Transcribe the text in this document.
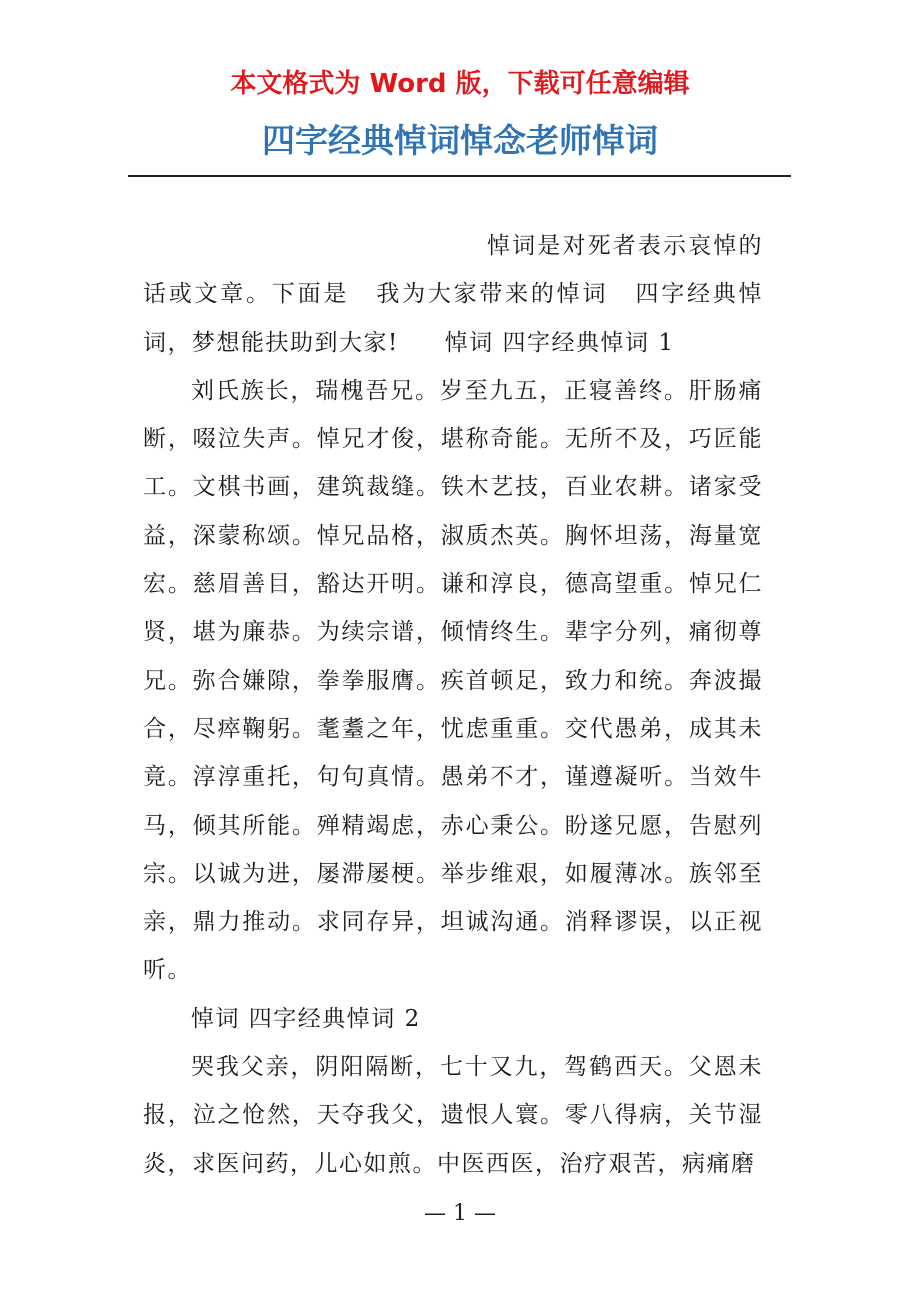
本文格式为 Word 版，下载可任意编辑
四字经典悼词悼念老师悼词

悼词是对死者表示哀悼的话或文章。下面是 我为大家带来的悼词 四字经典悼词，梦想能扶助到大家! 悼词 四字经典悼词 1

刘氏族长，瑞槐吾兄。岁至九五，正寝善终。肝肠痛断，啜泣失声。悼兄才俊，堪称奇能。无所不及，巧匠能工。文棋书画，建筑裁缝。铁木艺技，百业农耕。诸家受益，深蒙称颂。悼兄品格，淑质杰英。胸怀坦荡，海量宽宏。慈眉善目，豁达开明。谦和淳良，德高望重。悼兄仁贤，堪为廉恭。为续宗谱，倾情终生。辈字分列，痛彻尊兄。弥合嫌隙，拳拳服膺。疾首顿足，致力和统。奔波撮合，尽瘁鞠躬。耄耋之年，忧虑重重。交代愚弟，成其未竟。淳淳重托，句句真情。愚弟不才，谨遵凝听。当效牛马，倾其所能。殚精竭虑，赤心秉公。盼遂兄愿，告慰列宗。以诚为进，屡滞屡梗。举步维艰，如履薄冰。族邻至亲，鼎力推动。求同存异，坦诚沟通。消释谬误，以正视听。

悼词 四字经典悼词 2

哭我父亲，阴阳隔断，七十又九，驾鹤西天。父恩未报，泣之怆然，天夺我父，遗恨人寰。零八得病，关节湿炎，求医问药，儿心如煎。中医西医，治疗艰苦，病痛磨

— 1 —
